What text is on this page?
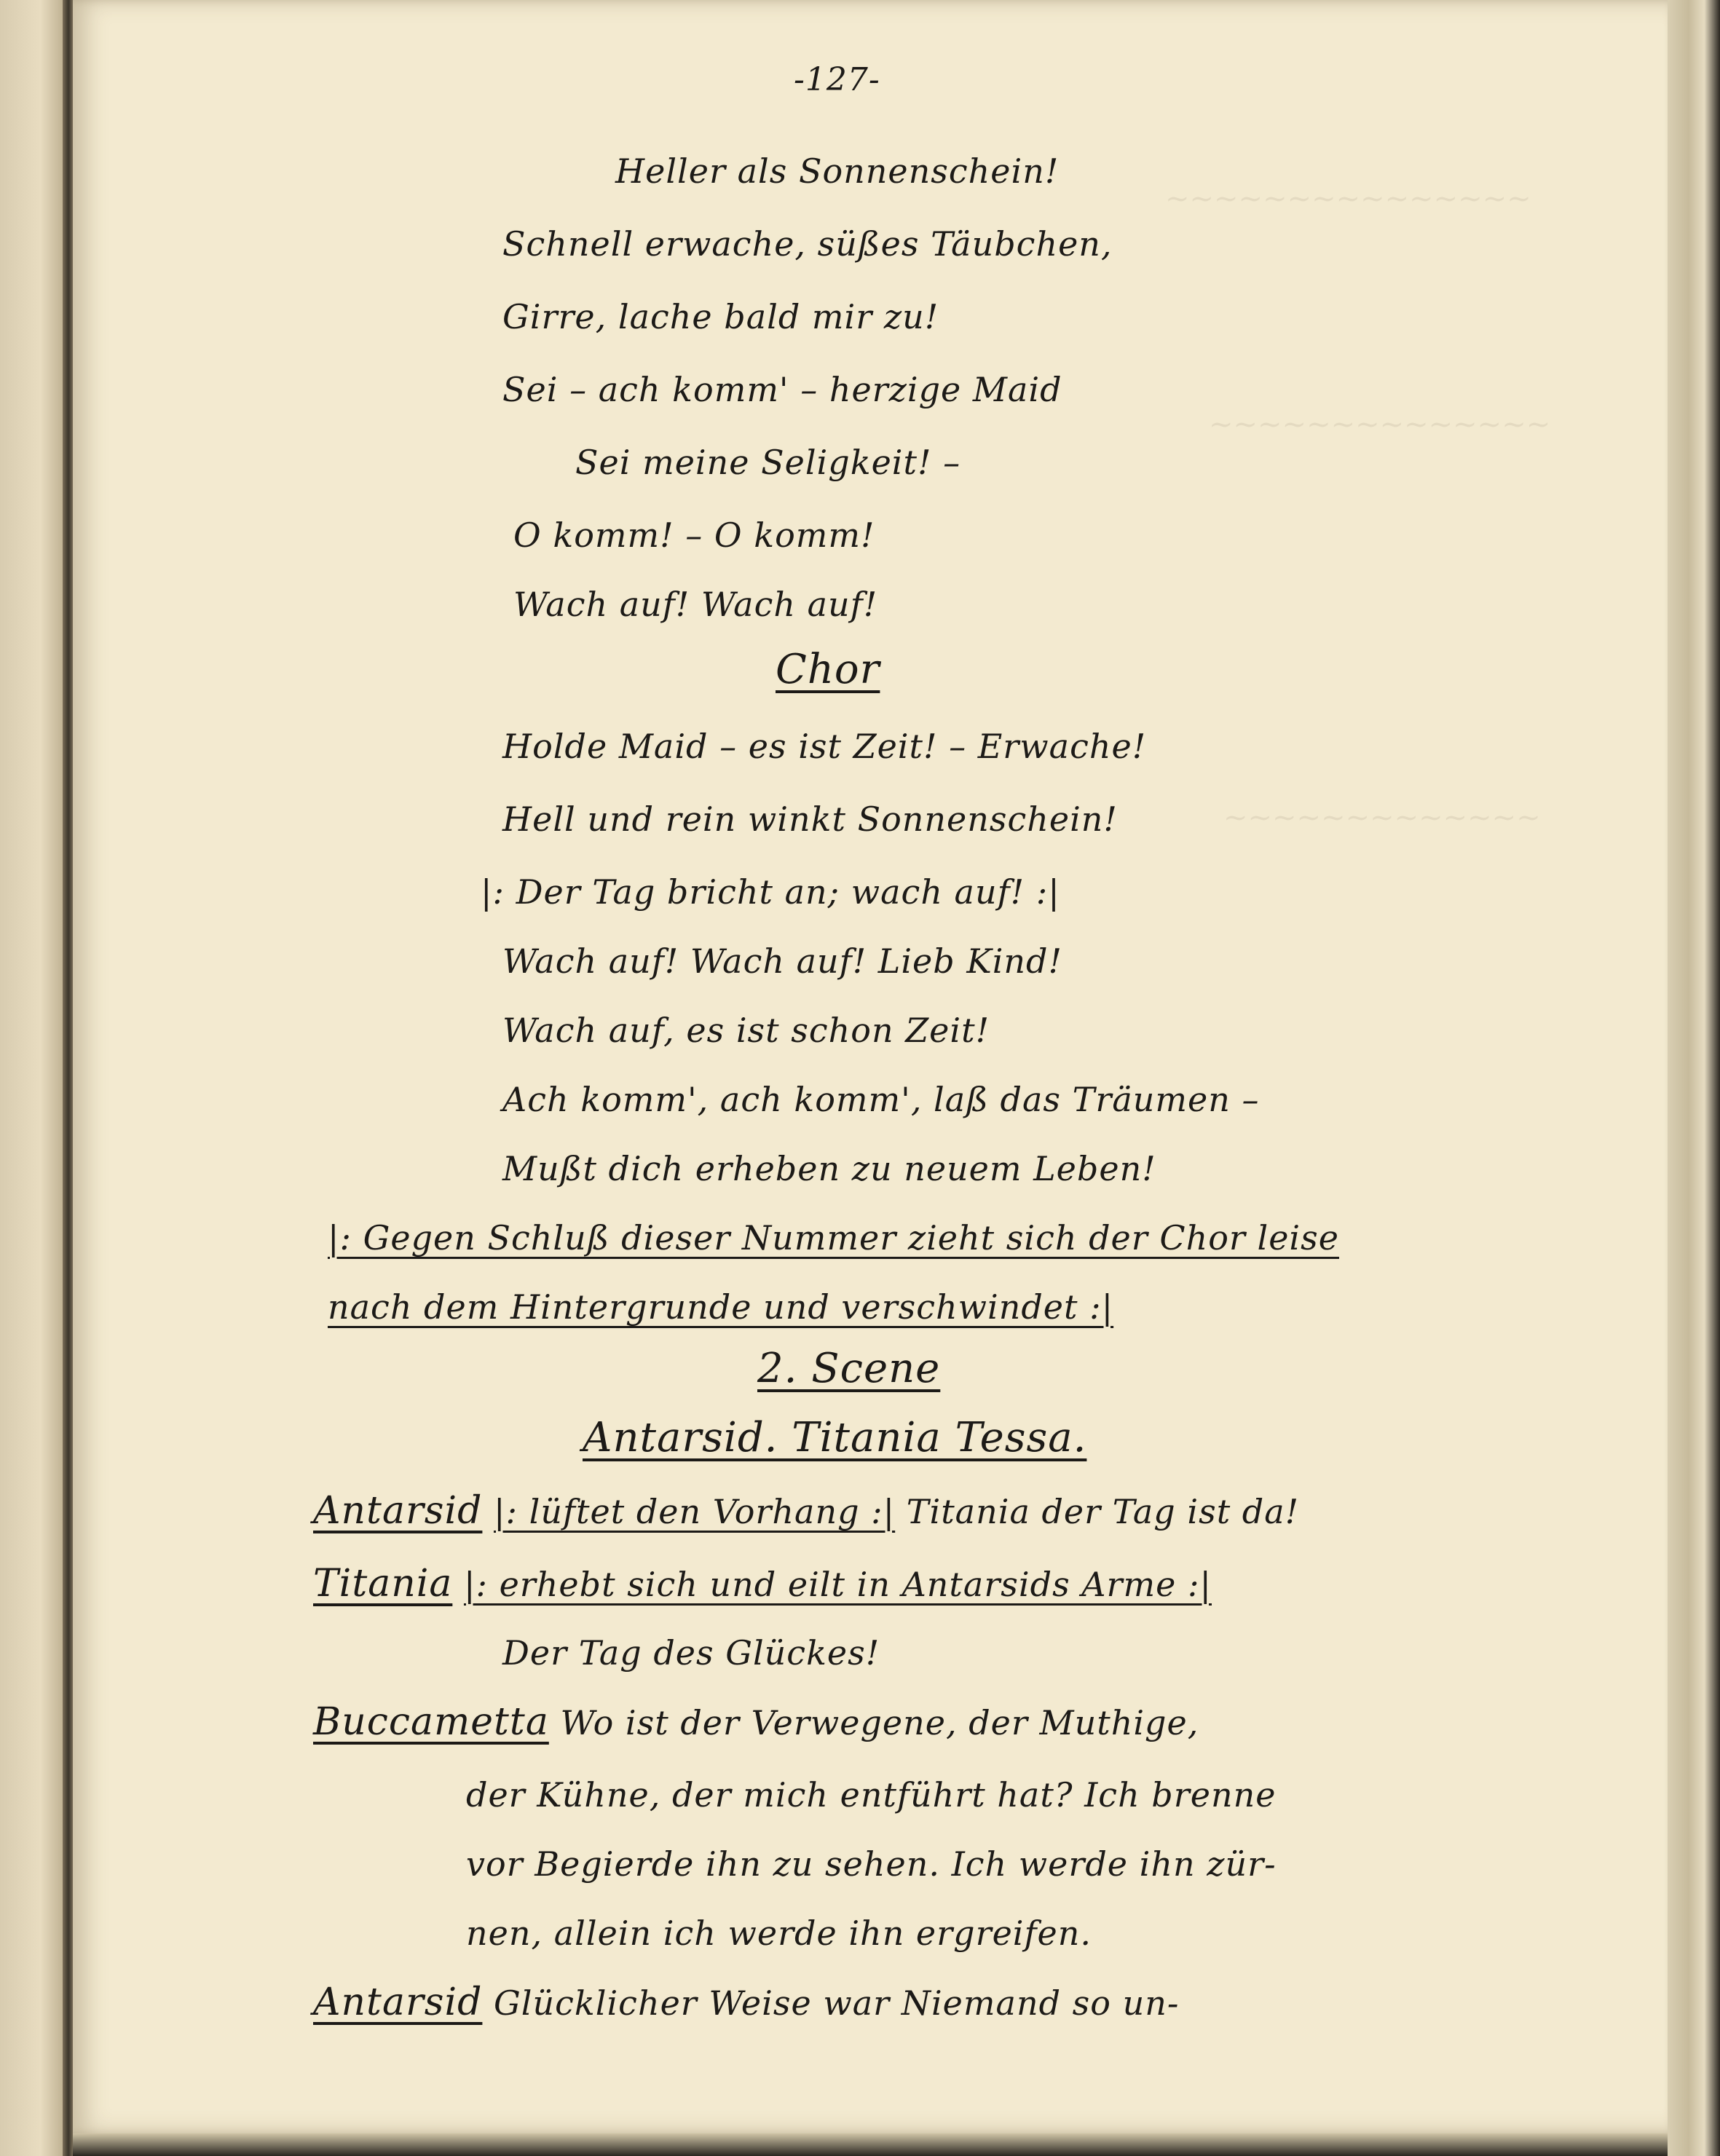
~~~~~~~~~~~~~~~
~~~~~~~~~~~~~~
~~~~~~~~~~~~~
-127-
Heller als Sonnenschein!
Schnell erwache, süßes Täubchen,
Girre, lache bald mir zu!
Sei – ach komm' – herzige Maid
Sei meine Seligkeit! –
O komm! – O komm!
Wach auf! Wach auf!
Chor
Holde Maid – es ist Zeit! – Erwache!
Hell und rein winkt Sonnenschein!
|: Der Tag bricht an; wach auf! :|
Wach auf! Wach auf! Lieb Kind!
Wach auf, es ist schon Zeit!
Ach komm', ach komm', laß das Träumen –
Mußt dich erheben zu neuem Leben!
|: Gegen Schluß dieser Nummer zieht sich der Chor leise
nach dem Hintergrunde und verschwindet :|
2. Scene
Antarsid. Titania Tessa.
Antarsid |: lüftet den Vorhang :| Titania der Tag ist da!
Titania |: erhebt sich und eilt in Antarsids Arme :|
Der Tag des Glückes!
Buccametta Wo ist der Verwegene, der Muthige,
der Kühne, der mich entführt hat? Ich brenne
vor Begierde ihn zu sehen. Ich werde ihn zür-
nen, allein ich werde ihn ergreifen.
Antarsid Glücklicher Weise war Niemand so un-
